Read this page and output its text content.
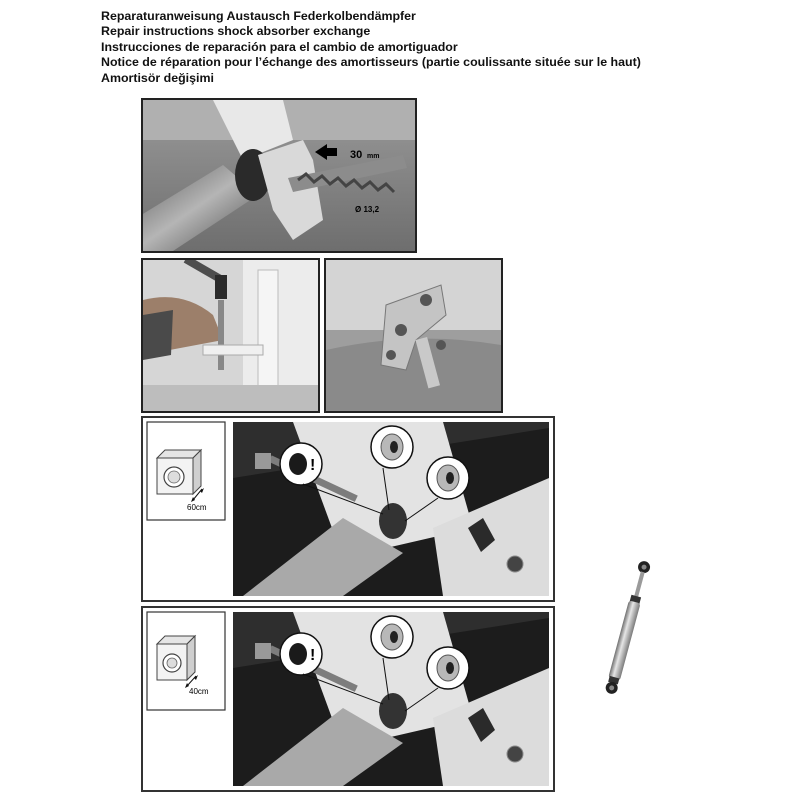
Reparaturanweisung Austausch Federkolbendämpfer
Repair instructions shock absorber exchange
Instrucciones de reparación para el cambio de amortiguador
Notice de réparation pour l’échange des amortisseurs (partie coulissante située sur le haut)
Amortisör değişimi
30 mm
Ø 13,2
60cm
!
40cm
!
